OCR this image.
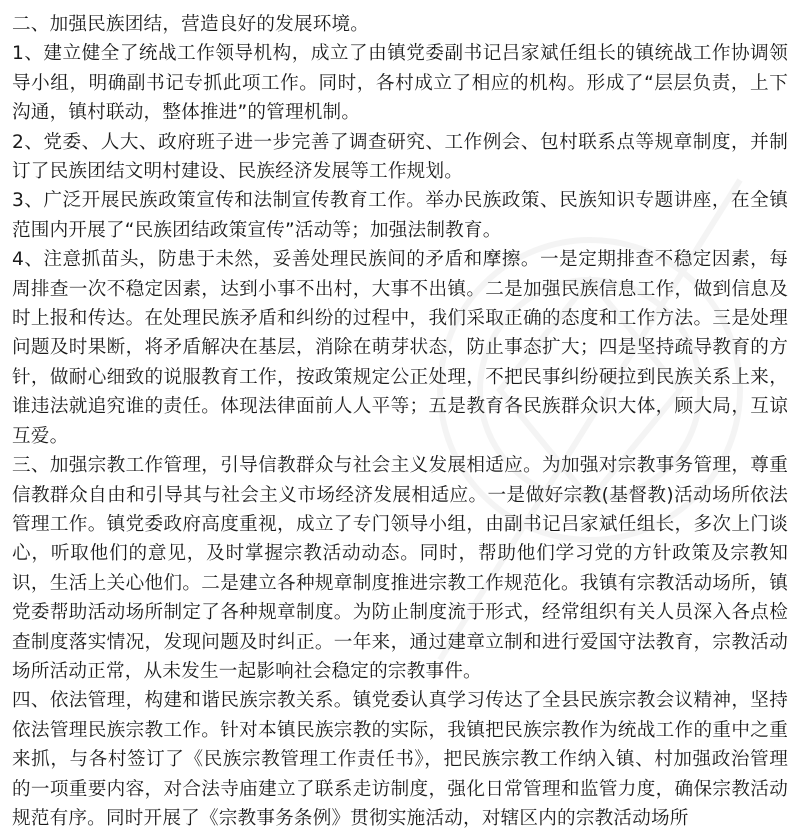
二、加强民族团结，营造良好的发展环境。

1、建立健全了统战工作领导机构，成立了由镇党委副书记吕家斌任组长的镇统战工作协调领导小组，明确副书记专抓此项工作。同时，各村成立了相应的机构。形成了“层层负责，上下沟通，镇村联动，整体推进”的管理机制。

2、党委、人大、政府班子进一步完善了调查研究、工作例会、包村联系点等规章制度，并制订了民族团结文明村建设、民族经济发展等工作规划。

3、广泛开展民族政策宣传和法制宣传教育工作。举办民族政策、民族知识专题讲座，在全镇范围内开展了“民族团结政策宣传”活动等；加强法制教育。

4、注意抓苗头，防患于未然，妥善处理民族间的矛盾和摩擦。一是定期排查不稳定因素，每周排查一次不稳定因素，达到小事不出村，大事不出镇。二是加强民族信息工作，做到信息及时上报和传达。在处理民族矛盾和纠纷的过程中，我们采取正确的态度和工作方法。三是处理问题及时果断，将矛盾解决在基层，消除在萌芽状态，防止事态扩大；四是坚持疏导教育的方针，做耐心细致的说服教育工作，按政策规定公正处理，不把民事纠纷硬拉到民族关系上来，谁违法就追究谁的责任。体现法律面前人人平等；五是教育各民族群众识大体，顾大局，互谅互爱。

三、加强宗教工作管理，引导信教群众与社会主义发展相适应。为加强对宗教事务管理，尊重信教群众自由和引导其与社会主义市场经济发展相适应。一是做好宗教(基督教)活动场所依法管理工作。镇党委政府高度重视，成立了专门领导小组，由副书记吕家斌任组长，多次上门谈心，听取他们的意见，及时掌握宗教活动动态。同时，帮助他们学习党的方针政策及宗教知识，生活上关心他们。二是建立各种规章制度推进宗教工作规范化。我镇有宗教活动场所，镇党委帮助活动场所制定了各种规章制度。为防止制度流于形式，经常组织有关人员深入各点检查制度落实情况，发现问题及时纠正。一年来，通过建章立制和进行爱国守法教育，宗教活动场所活动正常，从未发生一起影响社会稳定的宗教事件。

四、依法管理，构建和谐民族宗教关系。镇党委认真学习传达了全县民族宗教会议精神，坚持依法管理民族宗教工作。针对本镇民族宗教的实际，我镇把民族宗教作为统战工作的重中之重来抓，与各村签订了《民族宗教管理工作责任书》，把民族宗教工作纳入镇、村加强政治管理的一项重要内容，对合法寺庙建立了联系走访制度，强化日常管理和监管力度，确保宗教活动规范有序。同时开展了《宗教事务条例》贯彻实施活动，对辖区内的宗教活动场所
